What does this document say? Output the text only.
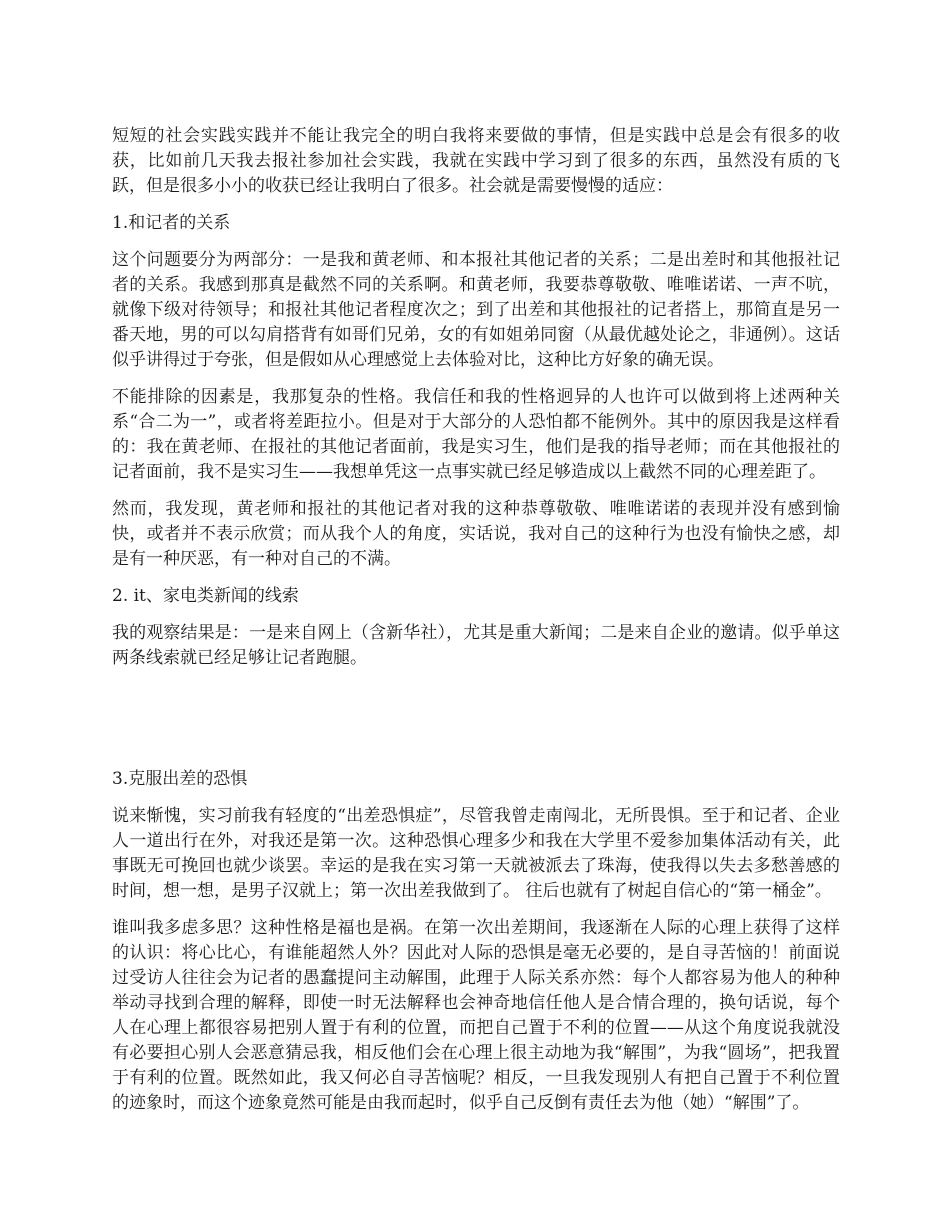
短短的社会实践实践并不能让我完全的明白我将来要做的事情，但是实践中总是会有很多的收获，比如前几天我去报社参加社会实践，我就在实践中学习到了很多的东西，虽然没有质的飞跃，但是很多小小的收获已经让我明白了很多。社会就是需要慢慢的适应：

1.和记者的关系

这个问题要分为两部分：一是我和黄老师、和本报社其他记者的关系；二是出差时和其他报社记者的关系。我感到那真是截然不同的关系啊。和黄老师，我要恭尊敬敬、唯唯诺诺、一声不吭，就像下级对待领导；和报社其他记者程度次之；到了出差和其他报社的记者搭上，那简直是另一番天地，男的可以勾肩搭背有如哥们兄弟，女的有如姐弟同窗（从最优越处论之，非通例）。这话似乎讲得过于夸张，但是假如从心理感觉上去体验对比，这种比方好象的确无误。

不能排除的因素是，我那复杂的性格。我信任和我的性格迥异的人也许可以做到将上述两种关系“合二为一”，或者将差距拉小。但是对于大部分的人恐怕都不能例外。其中的原因我是这样看的：我在黄老师、在报社的其他记者面前，我是实习生，他们是我的指导老师；而在其他报社的记者面前，我不是实习生——我想单凭这一点事实就已经足够造成以上截然不同的心理差距了。

然而，我发现，黄老师和报社的其他记者对我的这种恭尊敬敬、唯唯诺诺的表现并没有感到愉快，或者并不表示欣赏；而从我个人的角度，实话说，我对自己的这种行为也没有愉快之感，却是有一种厌恶，有一种对自己的不满。

2. it、家电类新闻的线索

我的观察结果是：一是来自网上（含新华社），尤其是重大新闻；二是来自企业的邀请。似乎单这两条线索就已经足够让记者跑腿。

3.克服出差的恐惧

说来惭愧，实习前我有轻度的“出差恐惧症”，尽管我曾走南闯北，无所畏惧。至于和记者、企业人一道出行在外，对我还是第一次。这种恐惧心理多少和我在大学里不爱参加集体活动有关，此事既无可挽回也就少谈罢。幸运的是我在实习第一天就被派去了珠海，使我得以失去多愁善感的时间，想一想，是男子汉就上；第一次出差我做到了。 往后也就有了树起自信心的“第一桶金”。

谁叫我多虑多思？这种性格是福也是祸。在第一次出差期间，我逐渐在人际的心理上获得了这样的认识：将心比心，有谁能超然人外？因此对人际的恐惧是毫无必要的，是自寻苦恼的！前面说过受访人往往会为记者的愚蠢提问主动解围，此理于人际关系亦然：每个人都容易为他人的种种举动寻找到合理的解释，即使一时无法解释也会神奇地信任他人是合情合理的，换句话说，每个人在心理上都很容易把别人置于有利的位置，而把自己置于不利的位置——从这个角度说我就没有必要担心别人会恶意猜忌我，相反他们会在心理上很主动地为我“解围”，为我“圆场”，把我置于有利的位置。既然如此，我又何必自寻苦恼呢？相反，一旦我发现别人有把自己置于不利位置的迹象时，而这个迹象竟然可能是由我而起时，似乎自己反倒有责任去为他（她）“解围”了。
